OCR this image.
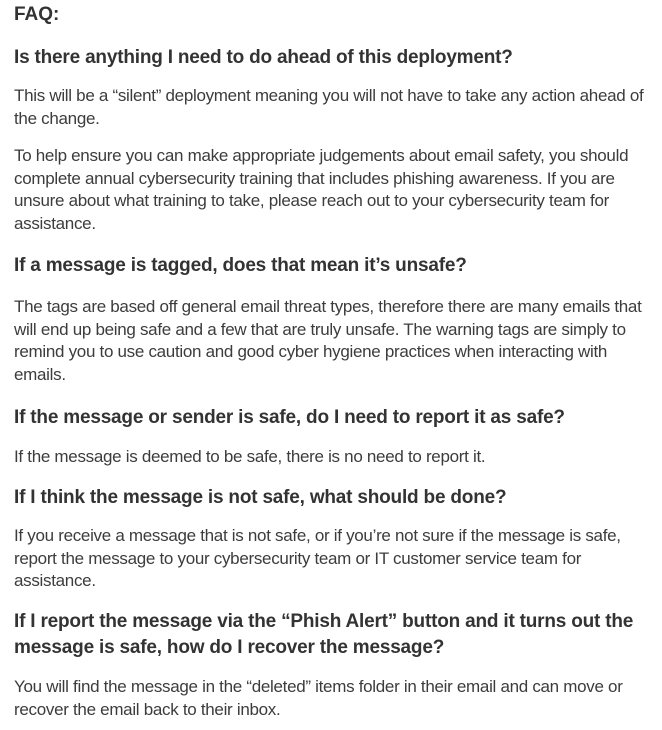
FAQ:
Is there anything I need to do ahead of this deployment?

This will be a “silent” deployment meaning you will not have to take any action ahead of the change.

To help ensure you can make appropriate judgements about email safety, you should complete annual cybersecurity training that includes phishing awareness. If you are unsure about what training to take, please reach out to your cybersecurity team for assistance.

If a message is tagged, does that mean it’s unsafe?

The tags are based off general email threat types, therefore there are many emails that will end up being safe and a few that are truly unsafe. The warning tags are simply to remind you to use caution and good cyber hygiene practices when interacting with emails.

If the message or sender is safe, do I need to report it as safe?

If the message is deemed to be safe, there is no need to report it.

If I think the message is not safe, what should be done?

If you receive a message that is not safe, or if you’re not sure if the message is safe, report the message to your cybersecurity team or IT customer service team for assistance.

If I report the message via the “Phish Alert” button and it turns out the message is safe, how do I recover the message?

You will find the message in the “deleted” items folder in their email and can move or recover the email back to their inbox.
